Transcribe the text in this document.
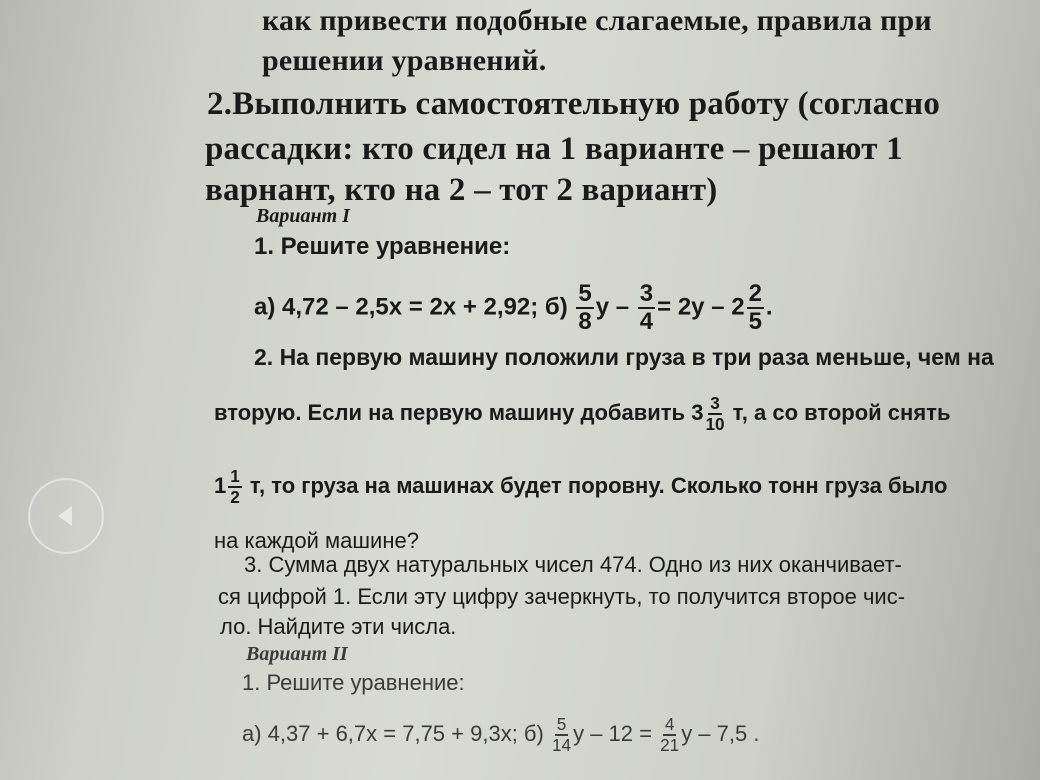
как привести подобные слагаемые, правила при
решении уравнений.
2.Выполнить самостоятельную работу (согласно
рассадки: кто сидел на 1 варианте – решают 1
варнант, кто на 2 – тот 2 вариант)
Вариант I
1. Решите уравнение:
а) 4,72 – 2,5x = 2x + 2,92; $б) \frac{5}{8}$ $y - \frac{3}{4} = 2y - 2 \frac{2}{5}$ .
2. На первую машину положили груза в три раза меньше, чем на
вторую. Если на первую машину добавить $3 \frac{3}{10} т$, а со второй снять
$1 \frac{1}{2} т$, то груза на машинах будет поровну. Сколько тонн груза было
на каждой машине?
3. Сумма двух натуральных чисел 474. Одно из них оканчивает-
ся цифрой 1. Если эту цифру зачеркнуть, то получится второе чис-
ло. Найдите эти числа.
Вариант II
1. Решите уравнение:
а) 4,37 + 6,7x = 7,75 + 9,3x; $б) \frac{5}{14}$ $y - 12 = \frac{4}{21}$ y – 7,5 .
